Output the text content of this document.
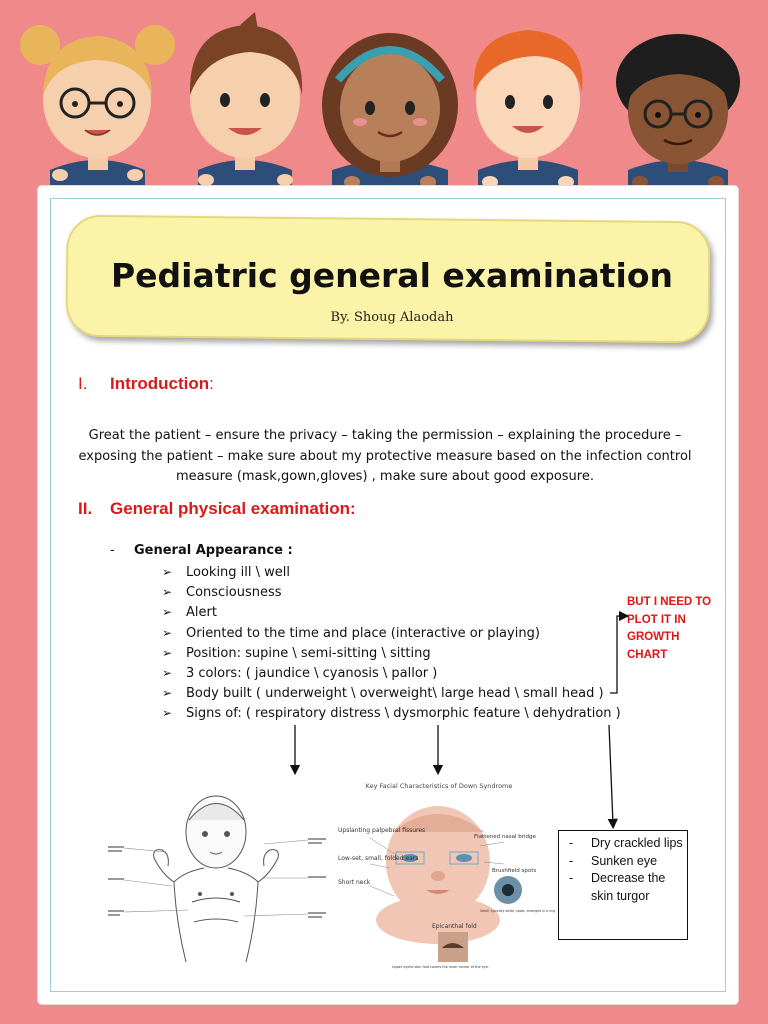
Pediatric general examination
By. Shoug Alaodah
I. Introduction:
Great the patient – ensure the privacy – taking the permission – explaining the procedure – exposing the patient – make sure about my protective measure based on the infection control measure (mask,gown,gloves) , make sure about good exposure.
II. General physical examination:
- General Appearance :
➢ Looking ill \ well
➢ Consciousness
➢ Alert
➢ Oriented to the time and place (interactive or playing)
➢ Position: supine \ semi-sitting \ sitting
➢ 3 colors: ( jaundice \ cyanosis \ pallor )
➢ Body built ( underweight \ overweight\ large head \ small head )
➢ Signs of: ( respiratory distress \ dysmorphic feature \ dehydration )
BUT I NEED TO PLOT IT IN GROWTH CHART
Key Facial Characteristics of Down Syndrome
Upslanting palpebral fissures
Low-set, small, folded ears
Short neck
Flattened nasal bridge
Brushfield spots
Small, typically white, spots, arranged in a ring
Epicanthal fold
Upper eyelid skin fold covers the inner corner of the eye.
- Dry crackled lips
- Sunken eye
- Decrease the skin turgor
